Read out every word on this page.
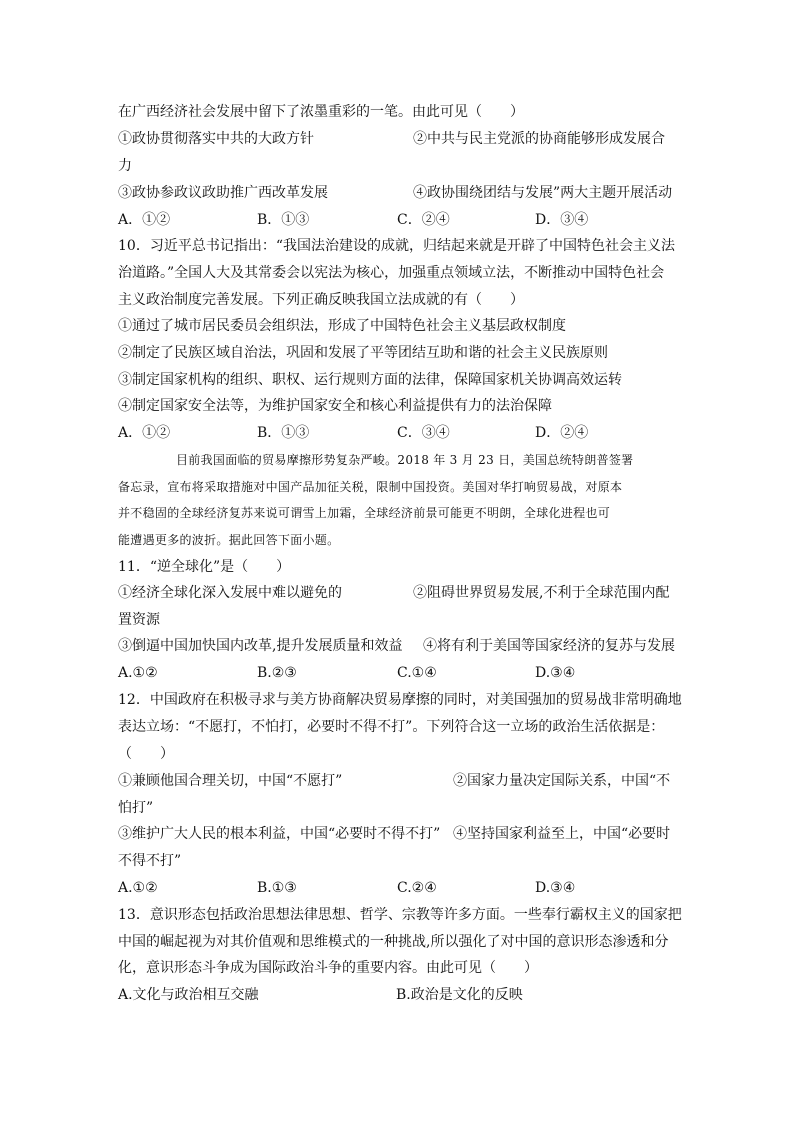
在广西经济社会发展中留下了浓墨重彩的一笔。由此可见（　　）
①政协贯彻落实中共的大政方针	②中共与民主党派的协商能够形成发展合
力
③政协参政议政助推广西改革发展	④政协围绕团结与发展”两大主题开展活动
A．①②	B．①③	C．②④	D．③④
10．习近平总书记指出：“我国法治建设的成就，归结起来就是开辟了中国特色社会主义法
治道路。”全国人大及其常委会以宪法为核心，加强重点领域立法，不断推动中国特色社会
主义政治制度完善发展。下列正确反映我国立法成就的有（　　）
①通过了城市居民委员会组织法，形成了中国特色社会主义基层政权制度
②制定了民族区域自治法，巩固和发展了平等团结互助和谐的社会主义民族原则
③制定国家机构的组织、职权、运行规则方面的法律，保障国家机关协调高效运转
④制定国家安全法等，为维护国家安全和核心利益提供有力的法治保障
A．①②	B．①③	C．③④	D．②④
目前我国面临的贸易摩擦形势复杂严峻。2018 年 3 月 23 日，美国总统特朗普签署
备忘录，宣布将采取措施对中国产品加征关税，限制中国投资。美国对华打响贸易战，对原本
并不稳固的全球经济复苏来说可谓雪上加霜，全球经济前景可能更不明朗，全球化进程也可
能遭遇更多的波折。据此回答下面小题。
11．“逆全球化”是（　　）
①经济全球化深入发展中难以避免的	②阻碍世界贸易发展,不利于全球范围内配
置资源
③倒逼中国加快国内改革,提升发展质量和效益 ④将有利于美国等国家经济的复苏与发展
A.①②	B.②③	C.①④	D.③④
12．中国政府在积极寻求与美方协商解决贸易摩擦的同时，对美国强加的贸易战非常明确地
表达立场：“不愿打，不怕打，必要时不得不打”。下列符合这一立场的政治生活依据是：
（　　）
①兼顾他国合理关切，中国“不愿打”	②国家力量决定国际关系，中国“不
怕打”
③维护广大人民的根本利益，中国“必要时不得不打” ④坚持国家利益至上，中国“必要时
不得不打”
A.①②	B.①③	C.②④	D.③④
13．意识形态包括政治思想法律思想、哲学、宗教等许多方面。一些奉行霸权主义的国家把
中国的崛起视为对其价值观和思维模式的一种挑战,所以强化了对中国的意识形态渗透和分
化，意识形态斗争成为国际政治斗争的重要内容。由此可见（　　）
A.文化与政治相互交融	B.政治是文化的反映
